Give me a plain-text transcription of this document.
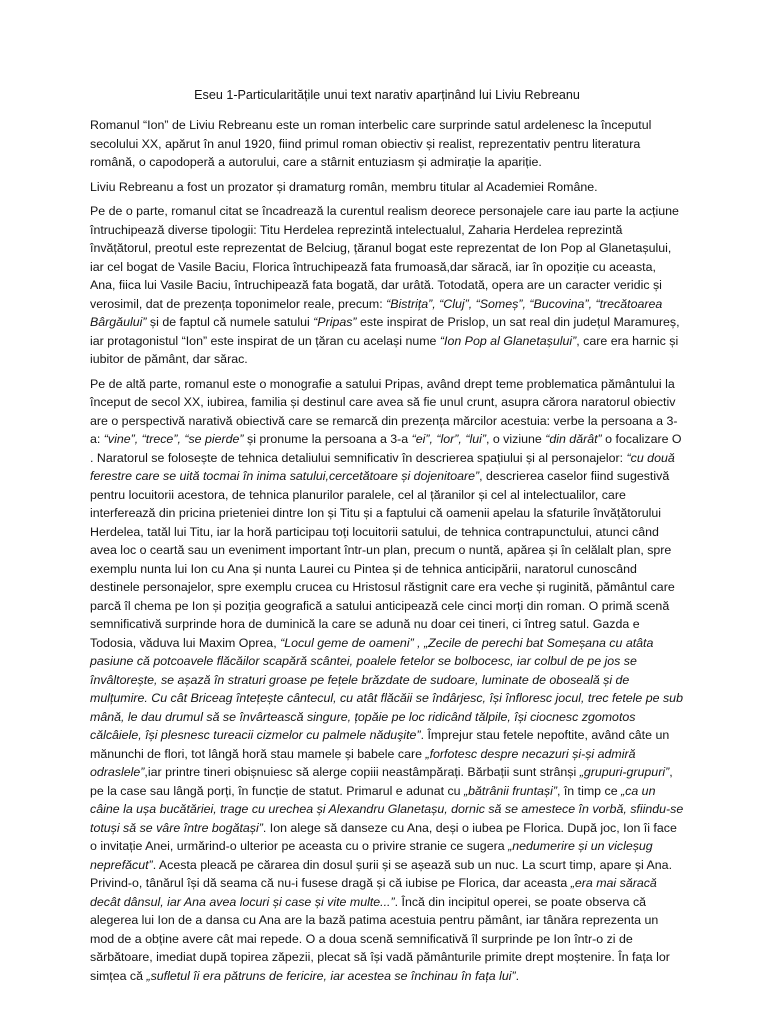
Eseu 1-Particularitățile unui text narativ aparținând lui Liviu Rebreanu

Romanul “Ion” de Liviu Rebreanu este un roman interbelic care surprinde satul ardelenesc la începutul secolului XX, apărut în anul 1920, fiind primul roman obiectiv și realist, reprezentativ pentru literatura română, o capodoperă a autorului, care a stârnit entuziasm și admirație la apariție.

Liviu Rebreanu a fost un prozator și dramaturg român, membru titular al Academiei Române.

Pe de o parte, romanul citat se încadrează la curentul realism deorece personajele care iau parte la acțiune întruchipează diverse tipologii: Titu Herdelea reprezintă intelectualul, Zaharia Herdelea reprezintă învățătorul, preotul este reprezentat de Belciug, țăranul bogat este reprezentat de Ion Pop al Glanetașului, iar cel bogat de Vasile Baciu, Florica întruchipează fata frumoasă,dar săracă, iar în opoziție cu aceasta, Ana, fiica lui Vasile Baciu, întruchipează fata bogată, dar urâtă. Totodată, opera are un caracter veridic și verosimil, dat de prezența toponimelor reale, precum: “Bistrița”, “Cluj”, “Someș”, “Bucovina”, “trecătoarea Bârgăului” și de faptul că numele satului “Pripas” este inspirat de Prislop, un sat real din județul Maramureș, iar protagonistul “Ion” este inspirat de un țăran cu același nume “Ion Pop al Glanetașului”, care era harnic și iubitor de pământ, dar sărac.

Pe de altă parte, romanul este o monografie a satului Pripas, având drept teme problematica pământului la început de secol XX, iubirea, familia și destinul care avea să fie unul crunt, asupra cărora naratorul obiectiv are o perspectivă narativă obiectivă care se remarcă din prezența mărcilor acestuia: verbe la persoana a 3-a: “vine”, “trece”, “se pierde” și pronume la persoana a 3-a “ei”, “lor”, “lui”, o viziune “din dărât” o focalizare O . Naratorul se folosește de tehnica detaliului semnificativ în descrierea spațiului și al personajelor: “cu două ferestre care se uită tocmai în inima satului,cercetătoare și dojenitoare”, descrierea caselor fiind sugestivă pentru locuitorii acestora, de tehnica planurilor paralele, cel al țăranilor și cel al intelectualilor, care interferează din pricina prieteniei dintre Ion și Titu și a faptului că oamenii apelau la sfaturile învățătorului Herdelea, tatăl lui Titu, iar la horă participau toți locuitorii satului, de tehnica contrapunctului, atunci când avea loc o ceartă sau un eveniment important într-un plan, precum o nuntă, apărea și în celălalt plan, spre exemplu nunta lui Ion cu Ana și nunta Laurei cu Pintea și de tehnica anticipării, naratorul cunoscând destinele personajelor, spre exemplu crucea cu Hristosul răstignit care era veche și ruginită, pământul care parcă îl chema pe Ion și poziția geografică a satului anticipează cele cinci morți din roman. O primă scenă semnificativă surprinde hora de duminică la care se adună nu doar cei tineri, ci întreg satul. Gazda e Todosia, văduva lui Maxim Oprea, “Locul geme de oameni” , „Zecile de perechi bat Someșana cu atâta pasiune că potcoavele flăcăilor scapără scântei, poalele fetelor se bolbocesc, iar colbul de pe jos se învâltorește, se așază în straturi groase pe fețele brăzdate de sudoare, luminate de oboseală și de mulțumire. Cu cât Briceag întețește cântecul, cu atât flăcăii se îndârjesc, își înfloresc jocul, trec fetele pe sub mână, le dau drumul să se învârtească singure, țopăie pe loc ridicând tălpile, își ciocnesc zgomotos călcâiele, își plesnesc tureacii cizmelor cu palmele năduşite”. Împrejur stau fetele nepoftite, având câte un mănunchi de flori, tot lângă horă stau mamele și babele care „forfotesc despre necazuri și-și admiră odraslele”,iar printre tineri obișnuiesc să alerge copiii neastâmpărați. Bărbații sunt strânși „grupuri-grupuri”, pe la case sau lângă porți, în funcție de statut. Primarul e adunat cu „bătrânii fruntași”, în timp ce „ca un câine la ușa bucătăriei, trage cu urechea și Alexandru Glanetașu, dornic să se amestece în vorbă, sfiindu-se totuși să se vâre între bogătași”. Ion alege să danseze cu Ana, deși o iubea pe Florica. După joc, Ion îi face o invitație Anei, urmărind-o ulterior pe aceasta cu o privire stranie ce sugera „nedumerire și un vicleșug neprefăcut”. Acesta pleacă pe cărarea din dosul șurii și se așează sub un nuc. La scurt timp, apare și Ana. Privind-o, tânărul își dă seama că nu-i fusese dragă și că iubise pe Florica, dar aceasta „era mai săracă decât dânsul, iar Ana avea locuri și case și vite multe...”. Încă din incipitul operei, se poate observa că alegerea lui Ion de a dansa cu Ana are la bază patima acestuia pentru pământ, iar tânăra reprezenta un mod de a obține avere cât mai repede. O a doua scenă semnificativă îl surprinde pe Ion într-o zi de sărbătoare, imediat după topirea zăpezii, plecat să își vadă pământurile primite drept moștenire. În fața lor simțea că „sufletul îi era pătruns de fericire, iar acestea se închinau în fața lui”.
